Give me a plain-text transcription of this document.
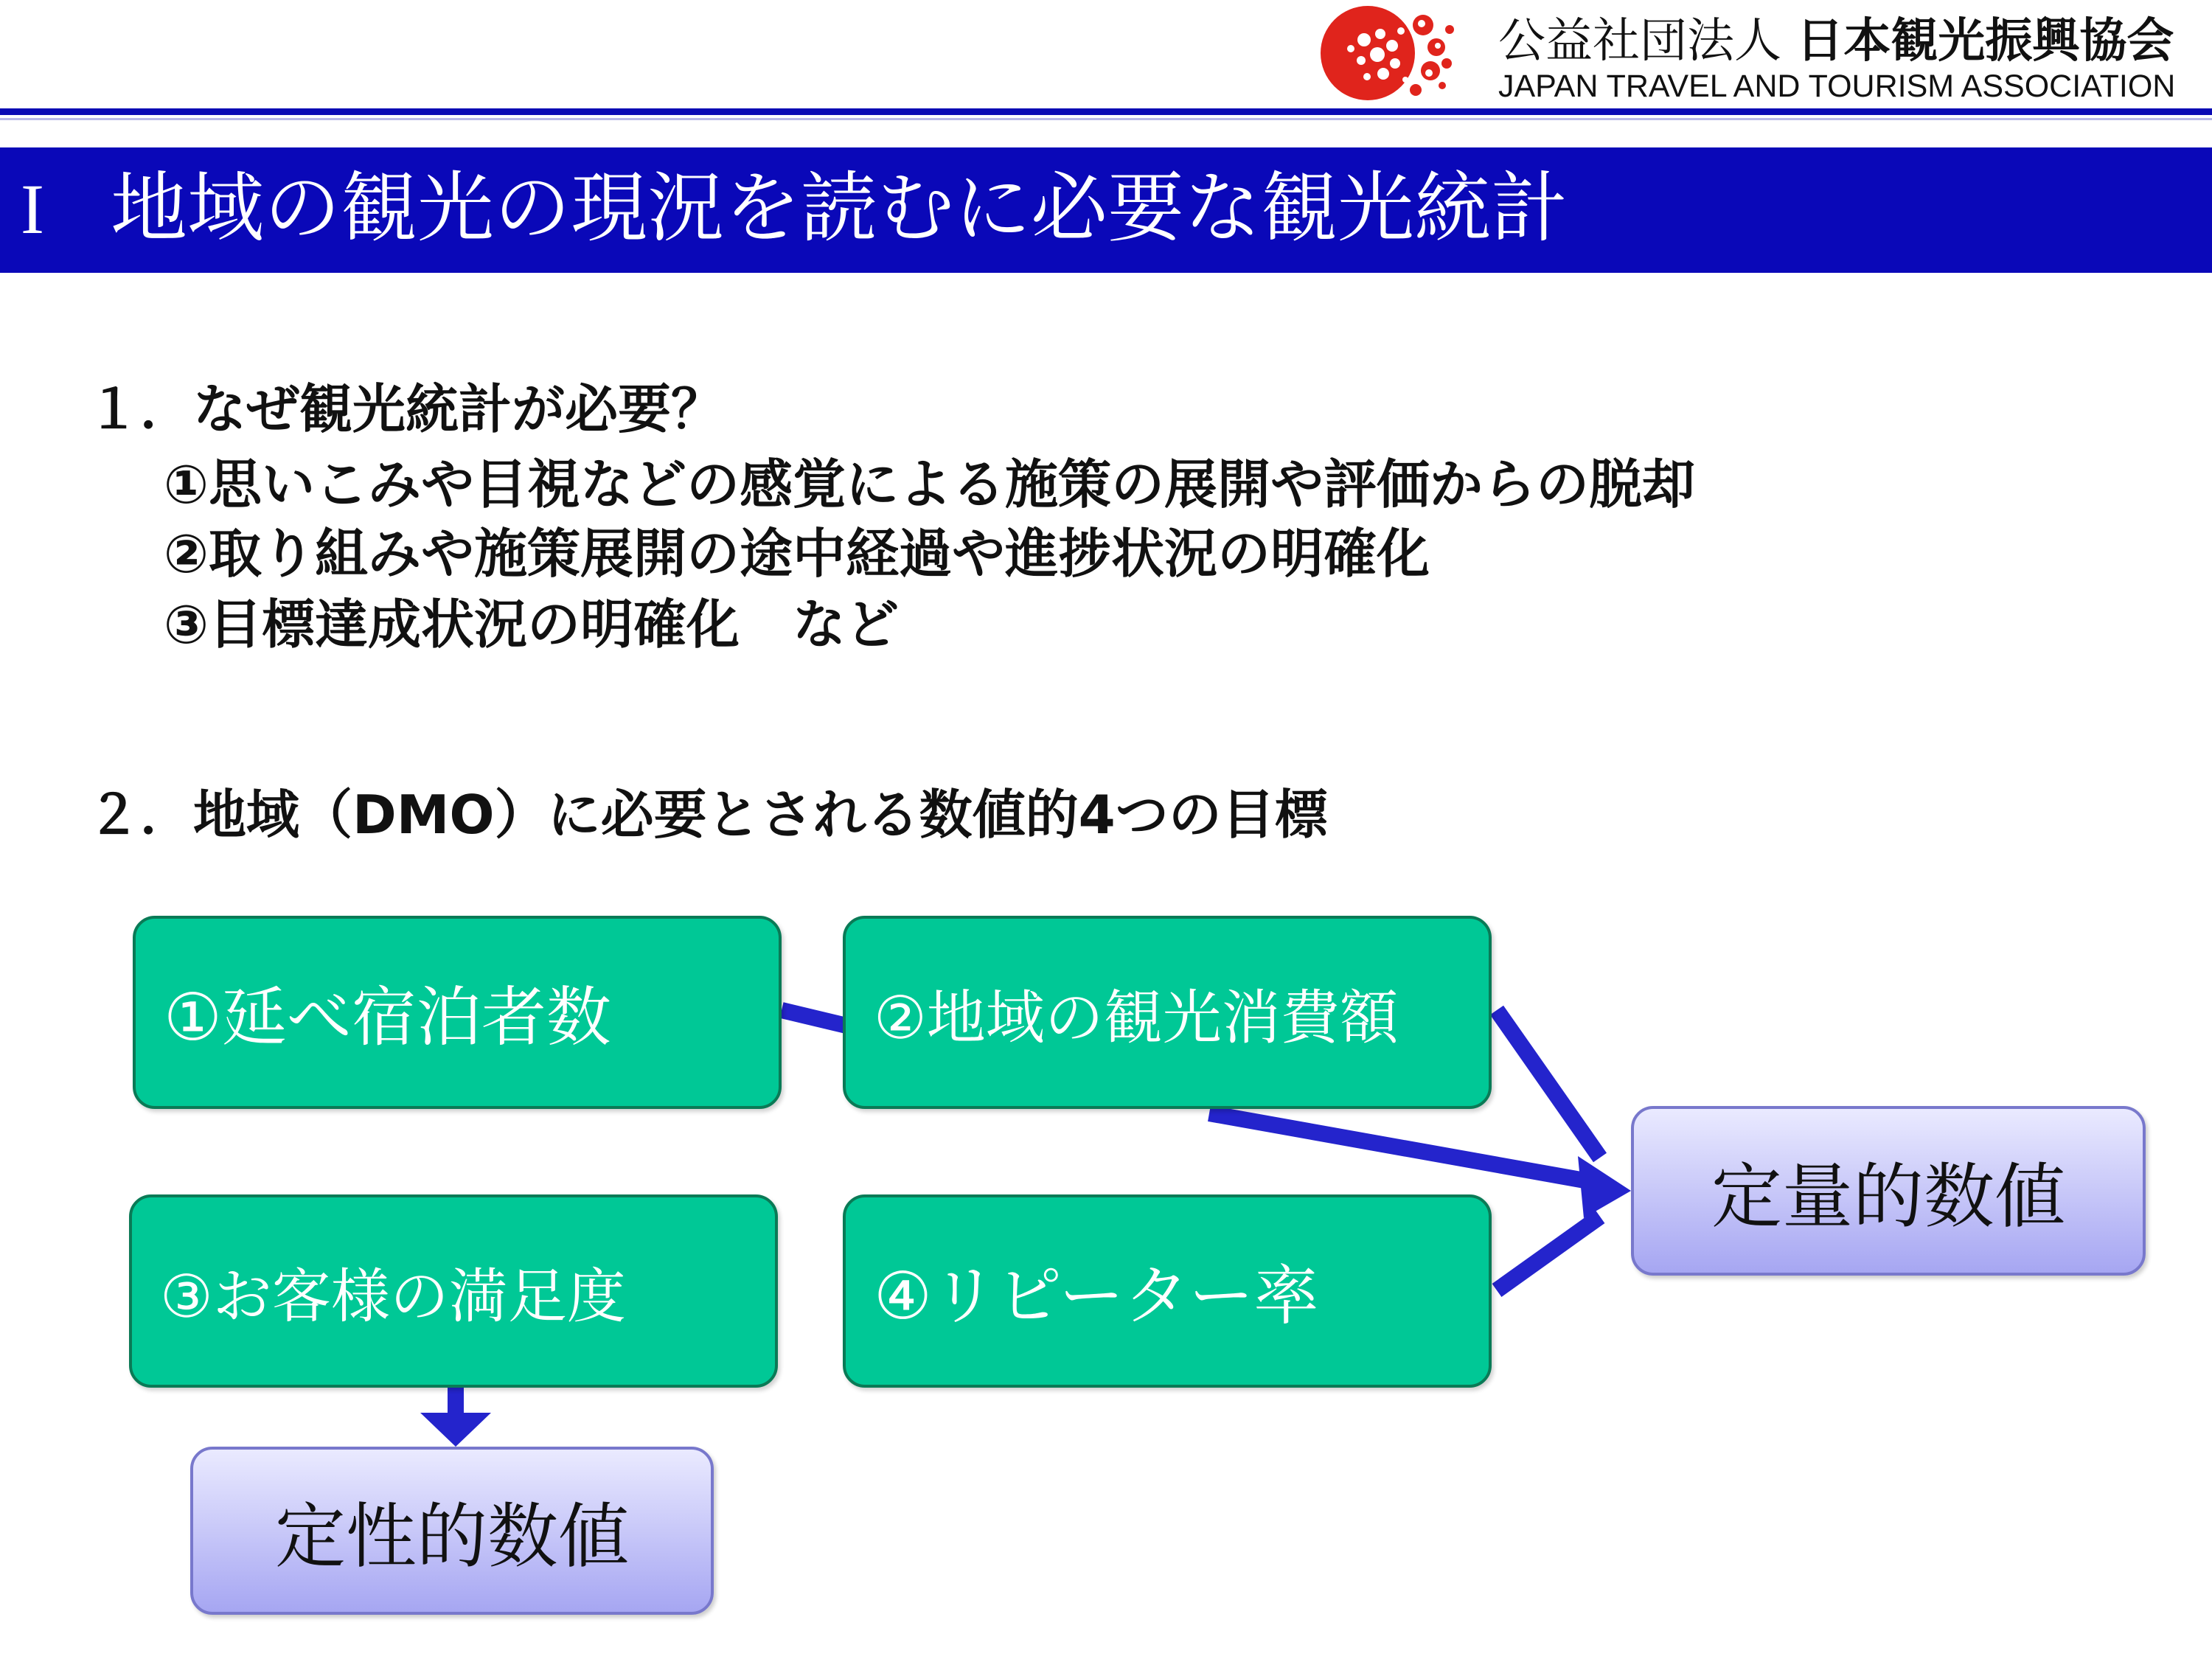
公益社団法人 日本観光振興協会
JAPAN TRAVEL AND TOURISM ASSOCIATION
I 地域の観光の現況を読むに必要な観光統計
１．なぜ観光統計が必要？
①思いこみや目視などの感覚による施策の展開や評価からの脱却
②取り組みや施策展開の途中経過や進捗状況の明確化
③目標達成状況の明確化　など
２．地域（DMO）に必要とされる数値的4つの目標
①延べ宿泊者数	②地域の観光消費額
③お客様の満足度	④リピーター率
定量的数値
定性的数値
